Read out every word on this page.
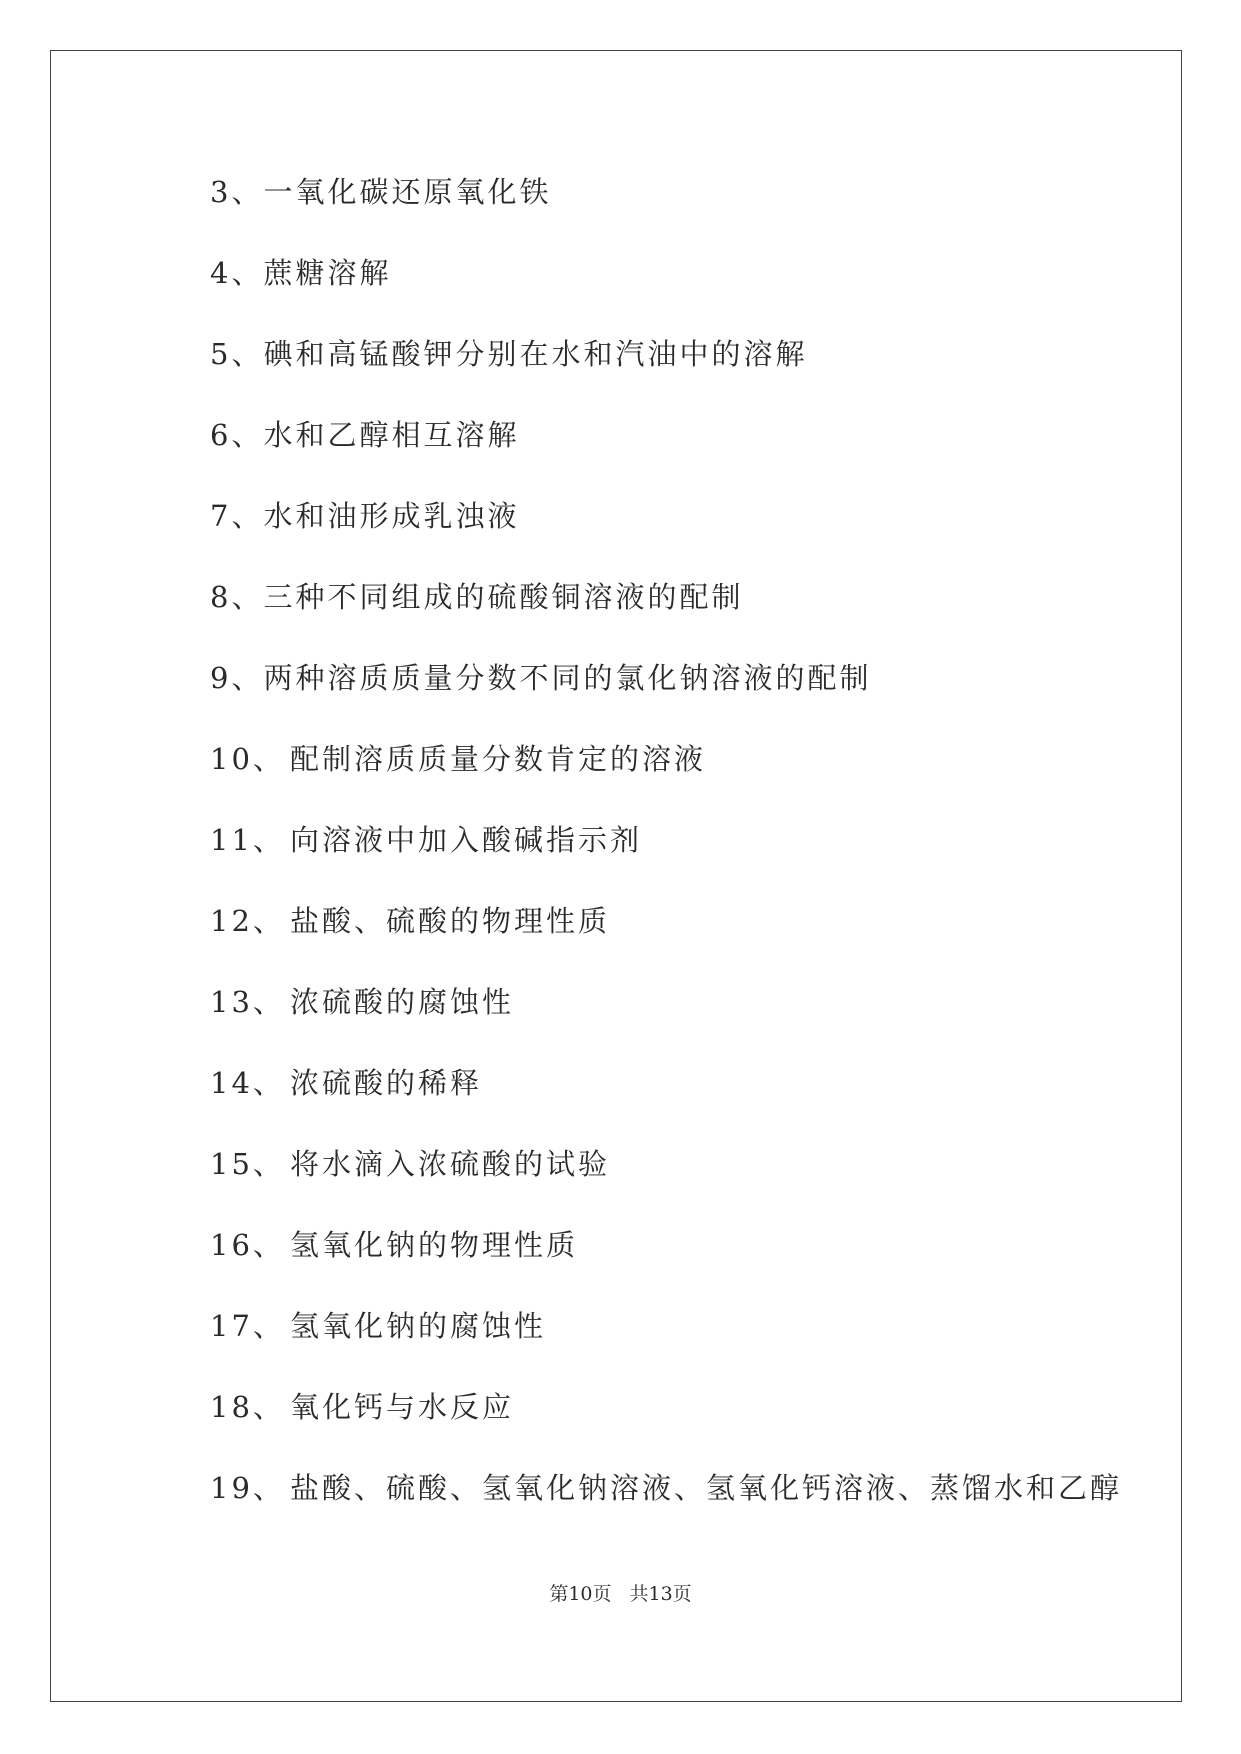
3、一氧化碳还原氧化铁
4、蔗糖溶解
5、碘和高锰酸钾分别在水和汽油中的溶解
6、水和乙醇相互溶解
7、水和油形成乳浊液
8、三种不同组成的硫酸铜溶液的配制
9、两种溶质质量分数不同的氯化钠溶液的配制
10、 配制溶质质量分数肯定的溶液
11、 向溶液中加入酸碱指示剂
12、 盐酸、硫酸的物理性质
13、 浓硫酸的腐蚀性
14、 浓硫酸的稀释
15、 将水滴入浓硫酸的试验
16、 氢氧化钠的物理性质
17、 氢氧化钠的腐蚀性
18、 氧化钙与水反应
19、 盐酸、硫酸、氢氧化钠溶液、氢氧化钙溶液、蒸馏水和乙醇
第10页 共13页
